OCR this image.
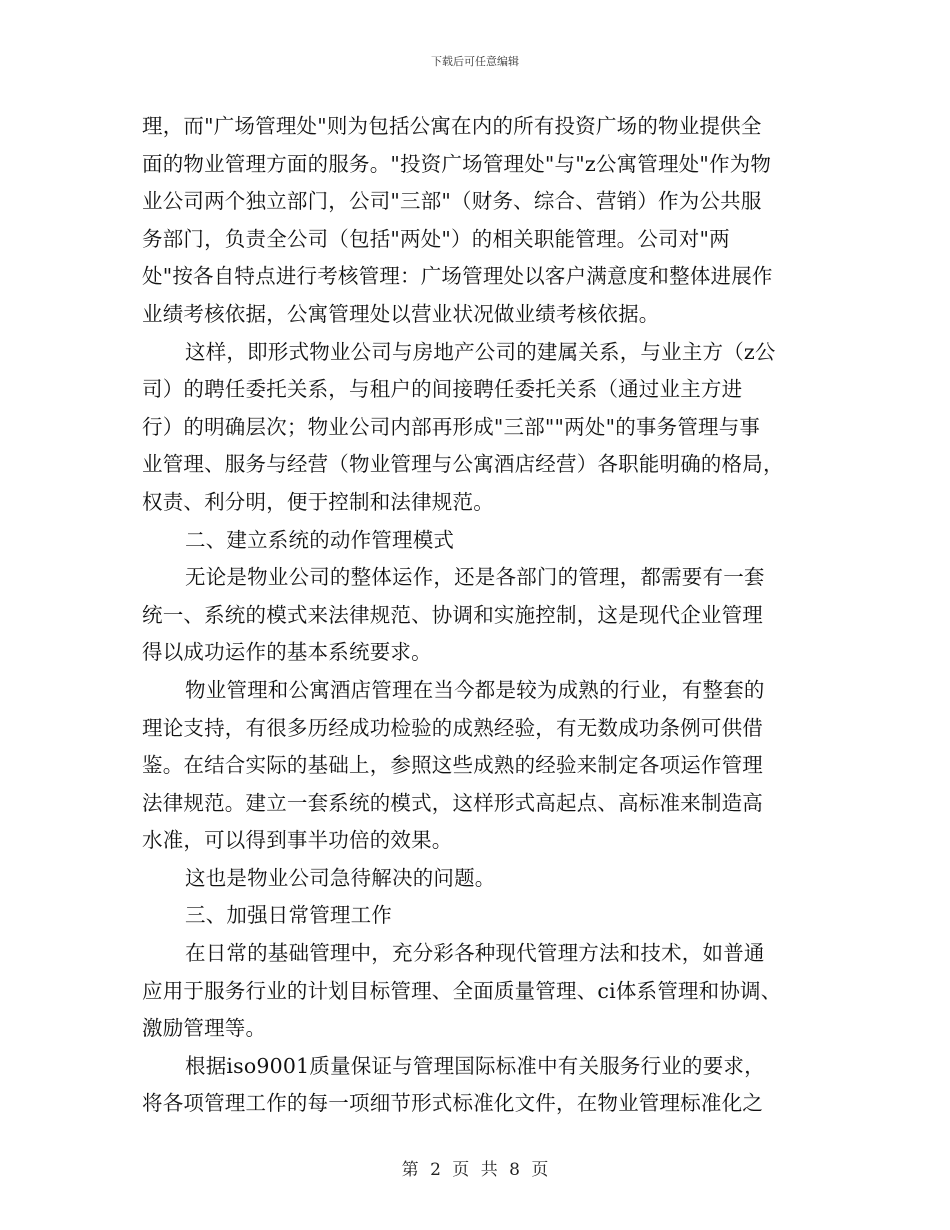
下载后可任意编辑
理，而"广场管理处"则为包括公寓在内的所有投资广场的物业提供全
面的物业管理方面的服务。"投资广场管理处"与"z公寓管理处"作为物
业公司两个独立部门，公司"三部"（财务、综合、营销）作为公共服
务部门，负责全公司（包括"两处"）的相关职能管理。公司对"两
处"按各自特点进行考核管理：广场管理处以客户满意度和整体进展作
业绩考核依据，公寓管理处以营业状况做业绩考核依据。
这样，即形式物业公司与房地产公司的建属关系，与业主方（z公
司）的聘任委托关系，与租户的间接聘任委托关系（通过业主方进
行）的明确层次；物业公司内部再形成"三部""两处"的事务管理与事
业管理、服务与经营（物业管理与公寓酒店经营）各职能明确的格局，
权责、利分明，便于控制和法律规范。
二、建立系统的动作管理模式
无论是物业公司的整体运作，还是各部门的管理，都需要有一套
统一、系统的模式来法律规范、协调和实施控制，这是现代企业管理
得以成功运作的基本系统要求。
物业管理和公寓酒店管理在当今都是较为成熟的行业，有整套的
理论支持，有很多历经成功检验的成熟经验，有无数成功条例可供借
鉴。在结合实际的基础上，参照这些成熟的经验来制定各项运作管理
法律规范。建立一套系统的模式，这样形式高起点、高标准来制造高
水准，可以得到事半功倍的效果。
这也是物业公司急待解决的问题。
三、加强日常管理工作
在日常的基础管理中，充分彩各种现代管理方法和技术，如普通
应用于服务行业的计划目标管理、全面质量管理、ci体系管理和协调、
激励管理等。
根据iso9001质量保证与管理国际标准中有关服务行业的要求，
将各项管理工作的每一项细节形式标准化文件，在物业管理标准化之
第 2 页 共 8 页
